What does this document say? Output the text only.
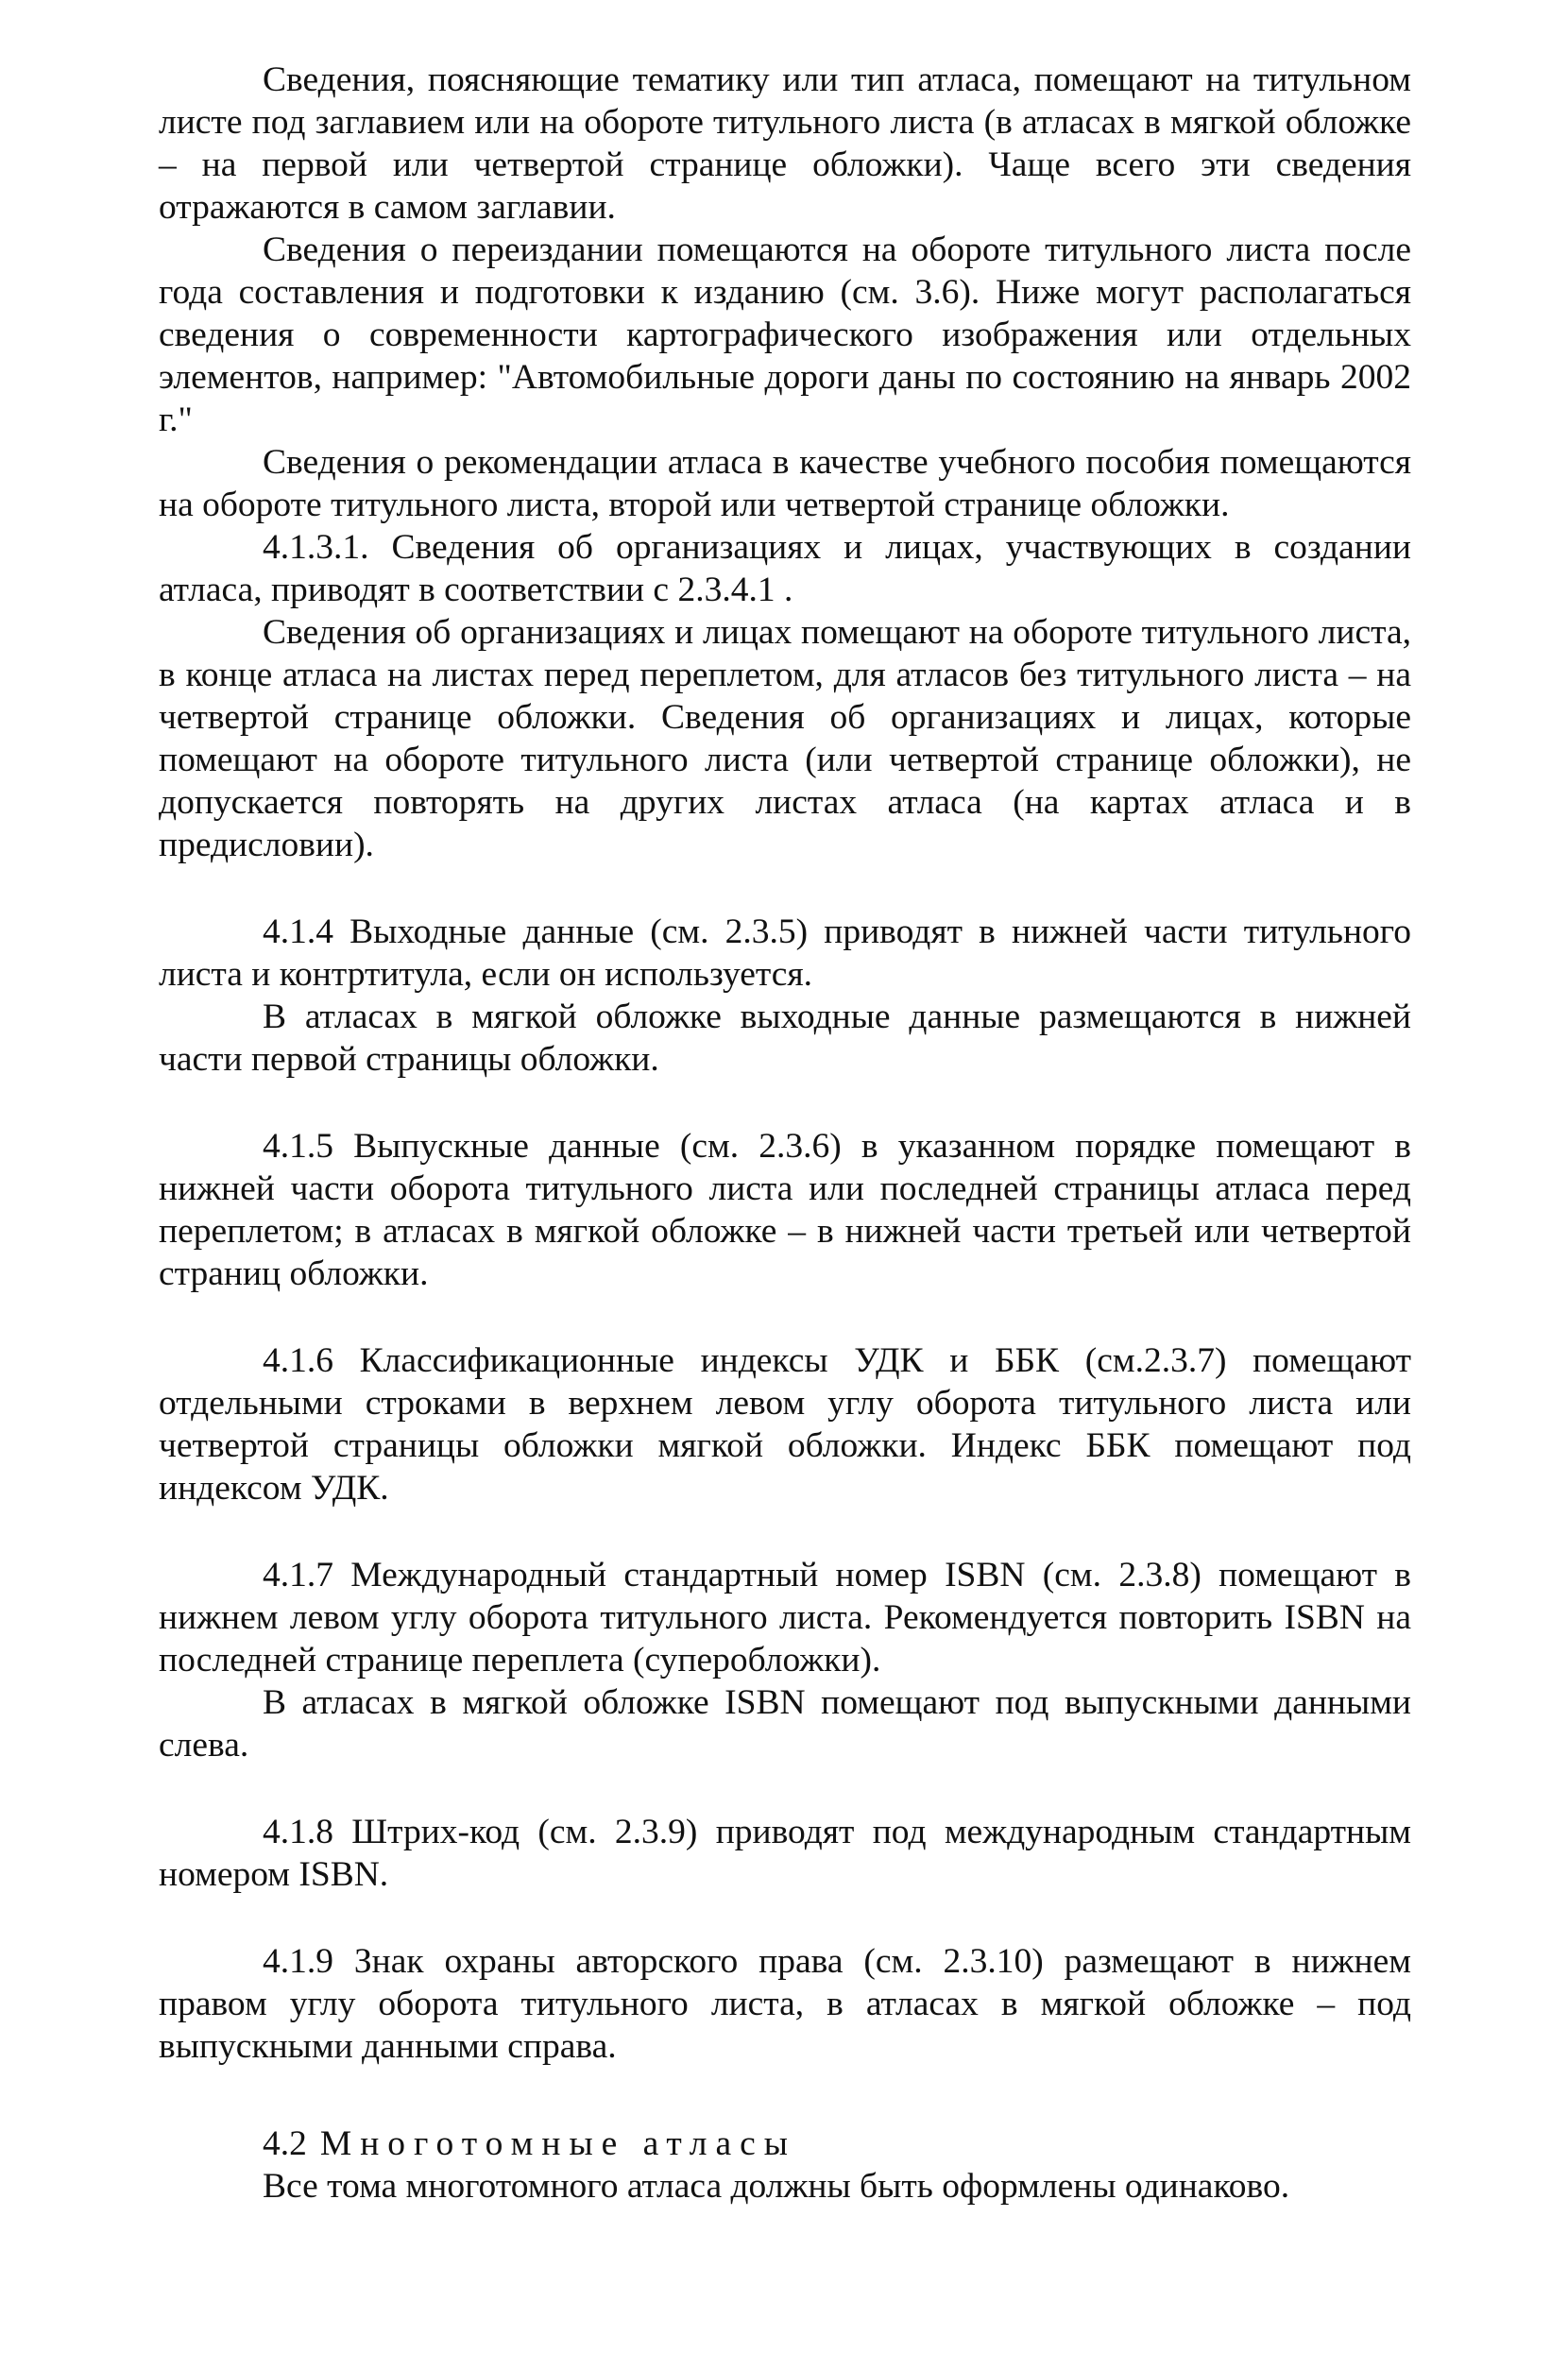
Сведения, поясняющие тематику или тип атласа, помещают на титульном листе под заглавием или на обороте титульного листа (в атласах в мягкой обложке – на первой или четвертой странице обложки). Чаще всего эти сведения отражаются в самом заглавии.

Сведения о переиздании помещаются на обороте титульного листа после года составления и подготовки к изданию (см. 3.6). Ниже могут располагаться сведения о современности картографического изображения или отдельных элементов, например: "Автомобильные дороги даны по состоянию на январь 2002 г."

Сведения о рекомендации атласа в качестве учебного пособия помещаются на обороте титульного листа, второй или четвертой странице обложки.

4.1.3.1. Сведения об организациях и лицах, участвующих в создании атласа, приводят в соответствии с 2.3.4.1 .

Сведения об организациях и лицах помещают на обороте титульного листа, в конце атласа на листах перед переплетом, для атласов без титульного листа – на четвертой странице обложки. Сведения об организациях и лицах, которые помещают на обороте титульного листа (или четвертой странице обложки), не допускается повторять на других листах атласа (на картах атласа и в предисловии).

4.1.4 Выходные данные (см. 2.3.5) приводят в нижней части титульного листа и контртитула, если он используется.

В атласах в мягкой обложке выходные данные размещаются в нижней части первой страницы обложки.

4.1.5 Выпускные данные (см. 2.3.6) в указанном порядке помещают в нижней части оборота титульного листа или последней страницы атласа перед переплетом; в атласах в мягкой обложке – в нижней части третьей или четвертой страниц обложки.

4.1.6 Классификационные индексы УДК и ББК (см.2.3.7) помещают отдельными строками в верхнем левом углу оборота титульного листа или четвертой страницы обложки мягкой обложки. Индекс ББК помещают под индексом УДК.

4.1.7 Международный стандартный номер ISBN (см. 2.3.8) помещают в нижнем левом углу оборота титульного листа. Рекомендуется повторить ISBN на последней странице переплета (суперобложки).

В атласах в мягкой обложке ISBN помещают под выпускными данными слева.

4.1.8 Штрих-код (см. 2.3.9) приводят под международным стандартным номером ISBN.

4.1.9 Знак охраны авторского права (см. 2.3.10) размещают в нижнем правом углу оборота титульного листа, в атласах в мягкой обложке – под выпускными данными справа.

4.2 Многотомные атласы

Все тома многотомного атласа должны быть оформлены одинаково.
